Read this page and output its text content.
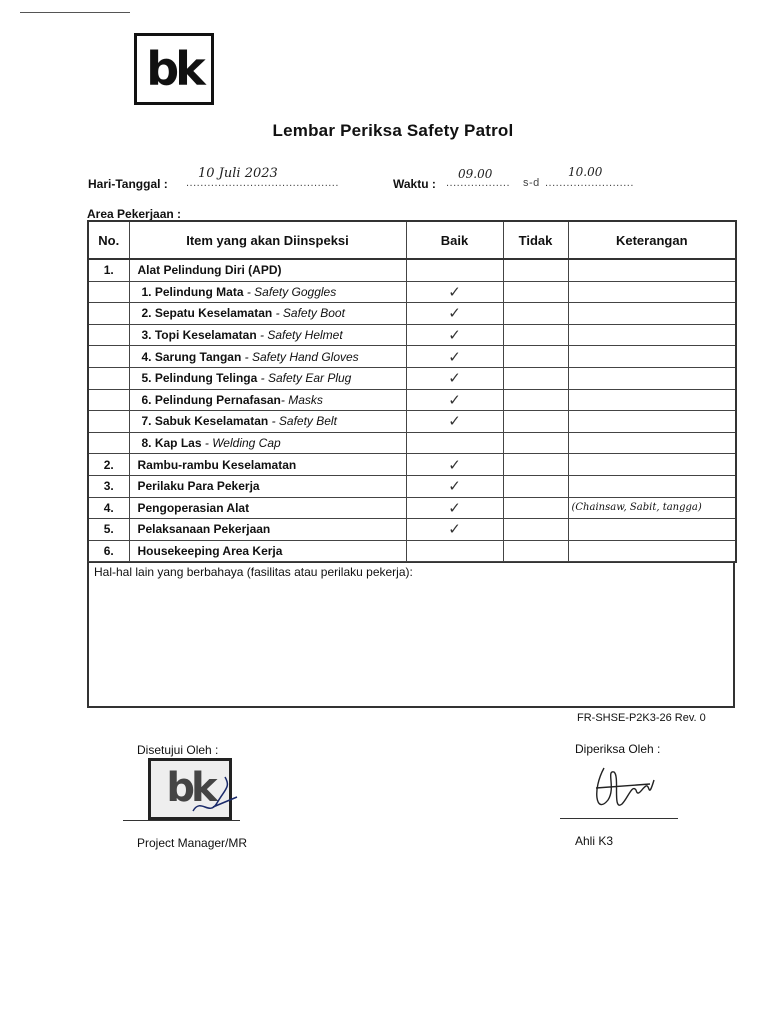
bk
Lembar Periksa Safety Patrol
Hari-Tanggal : ...........................................
10 Juli 2023
Waktu : ..................
09.00
s-d .........................
10.00
Area Pekerjaan :
No.	Item yang akan Diinspeksi	Baik	Tidak	Keterangan
1.	Alat Pelindung Diri (APD)			
	1. Pelindung Mata - Safety Goggles	✓		
	2. Sepatu Keselamatan - Safety Boot	✓		
	3. Topi Keselamatan - Safety Helmet	✓		
	4. Sarung Tangan - Safety Hand Gloves	✓		
	5. Pelindung Telinga - Safety Ear Plug	✓		
	6. Pelindung Pernafasan- Masks	✓		
	7. Sabuk Keselamatan - Safety Belt	✓		
	8. Kap Las - Welding Cap			
2.	Rambu-rambu Keselamatan	✓		
3.	Perilaku Para Pekerja	✓		
4.	Pengoperasian Alat	✓		(Chainsaw, Sabit, tangga)
5.	Pelaksanaan Pekerjaan	✓		
6.	Housekeeping Area Kerja			
Hal-hal lain yang berbahaya (fasilitas atau perilaku pekerja):
FR-SHSE-P2K3-26 Rev. 0
Disetujui Oleh :
bk
Project Manager/MR
Diperiksa Oleh :
Ahli K3
